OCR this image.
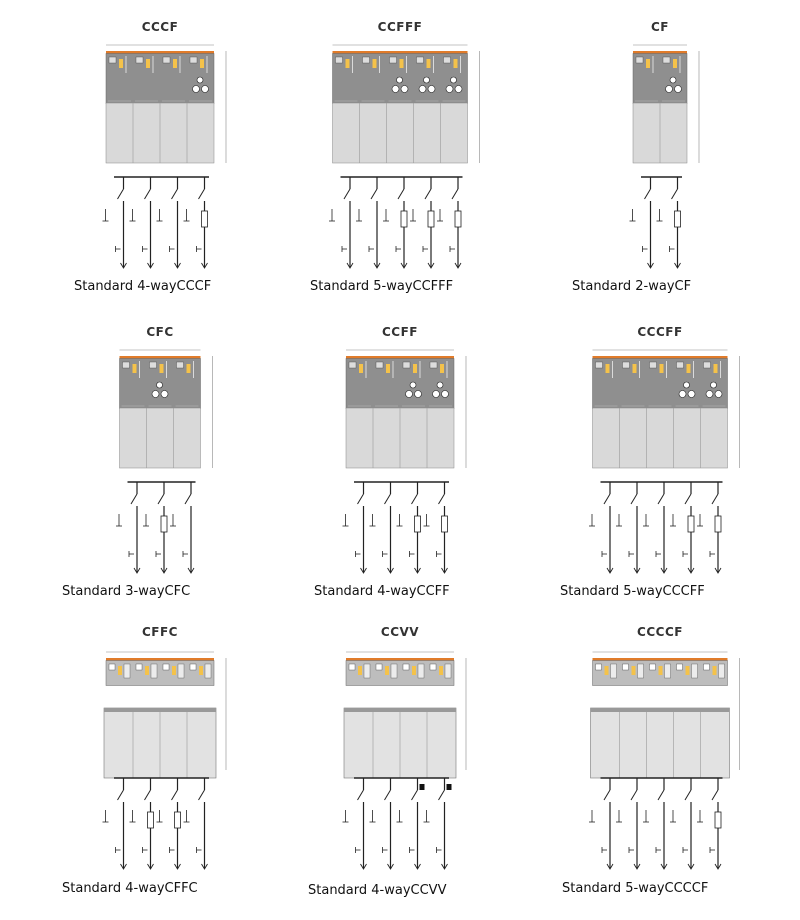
CCCF
Standard 4-wayCCCF
CCFFF
Standard 5-wayCCFFF
CF
Standard 2-wayCF
CFC
Standard 3-wayCFC
CCFF
Standard 4-wayCCFF
CCCFF
Standard 5-wayCCCFF
CFFC
Standard 4-wayCFFC
CCVV
Standard 4-wayCCVV
CCCCF
Standard 5-wayCCCCF
